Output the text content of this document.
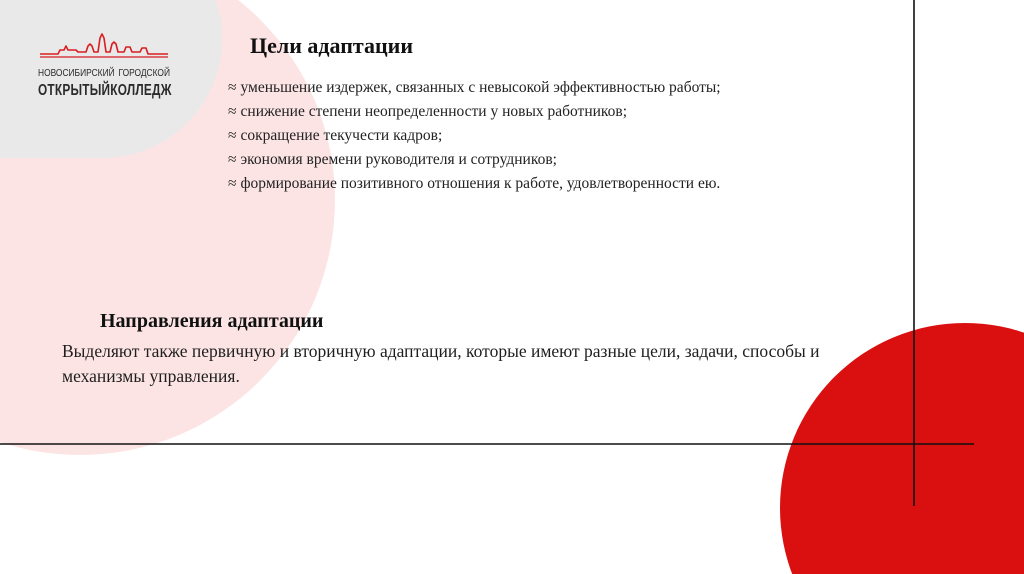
НОВОСИБИРСКИЙ ГОРОДСКОЙ
ОТКРЫТЫЙ КОЛЛЕДЖ
Цели адаптации
≈ уменьшение издержек, связанных с невысокой эффективностью работы;
≈ снижение степени неопределенности у новых работников;
≈ сокращение текучести кадров;
≈ экономия времени руководителя и сотрудников;
≈ формирование позитивного отношения к работе, удовлетворенности ею.
Направления адаптации

Выделяют также первичную и вторичную адаптации, которые имеют разные цели, задачи, способы и механизмы управления.
